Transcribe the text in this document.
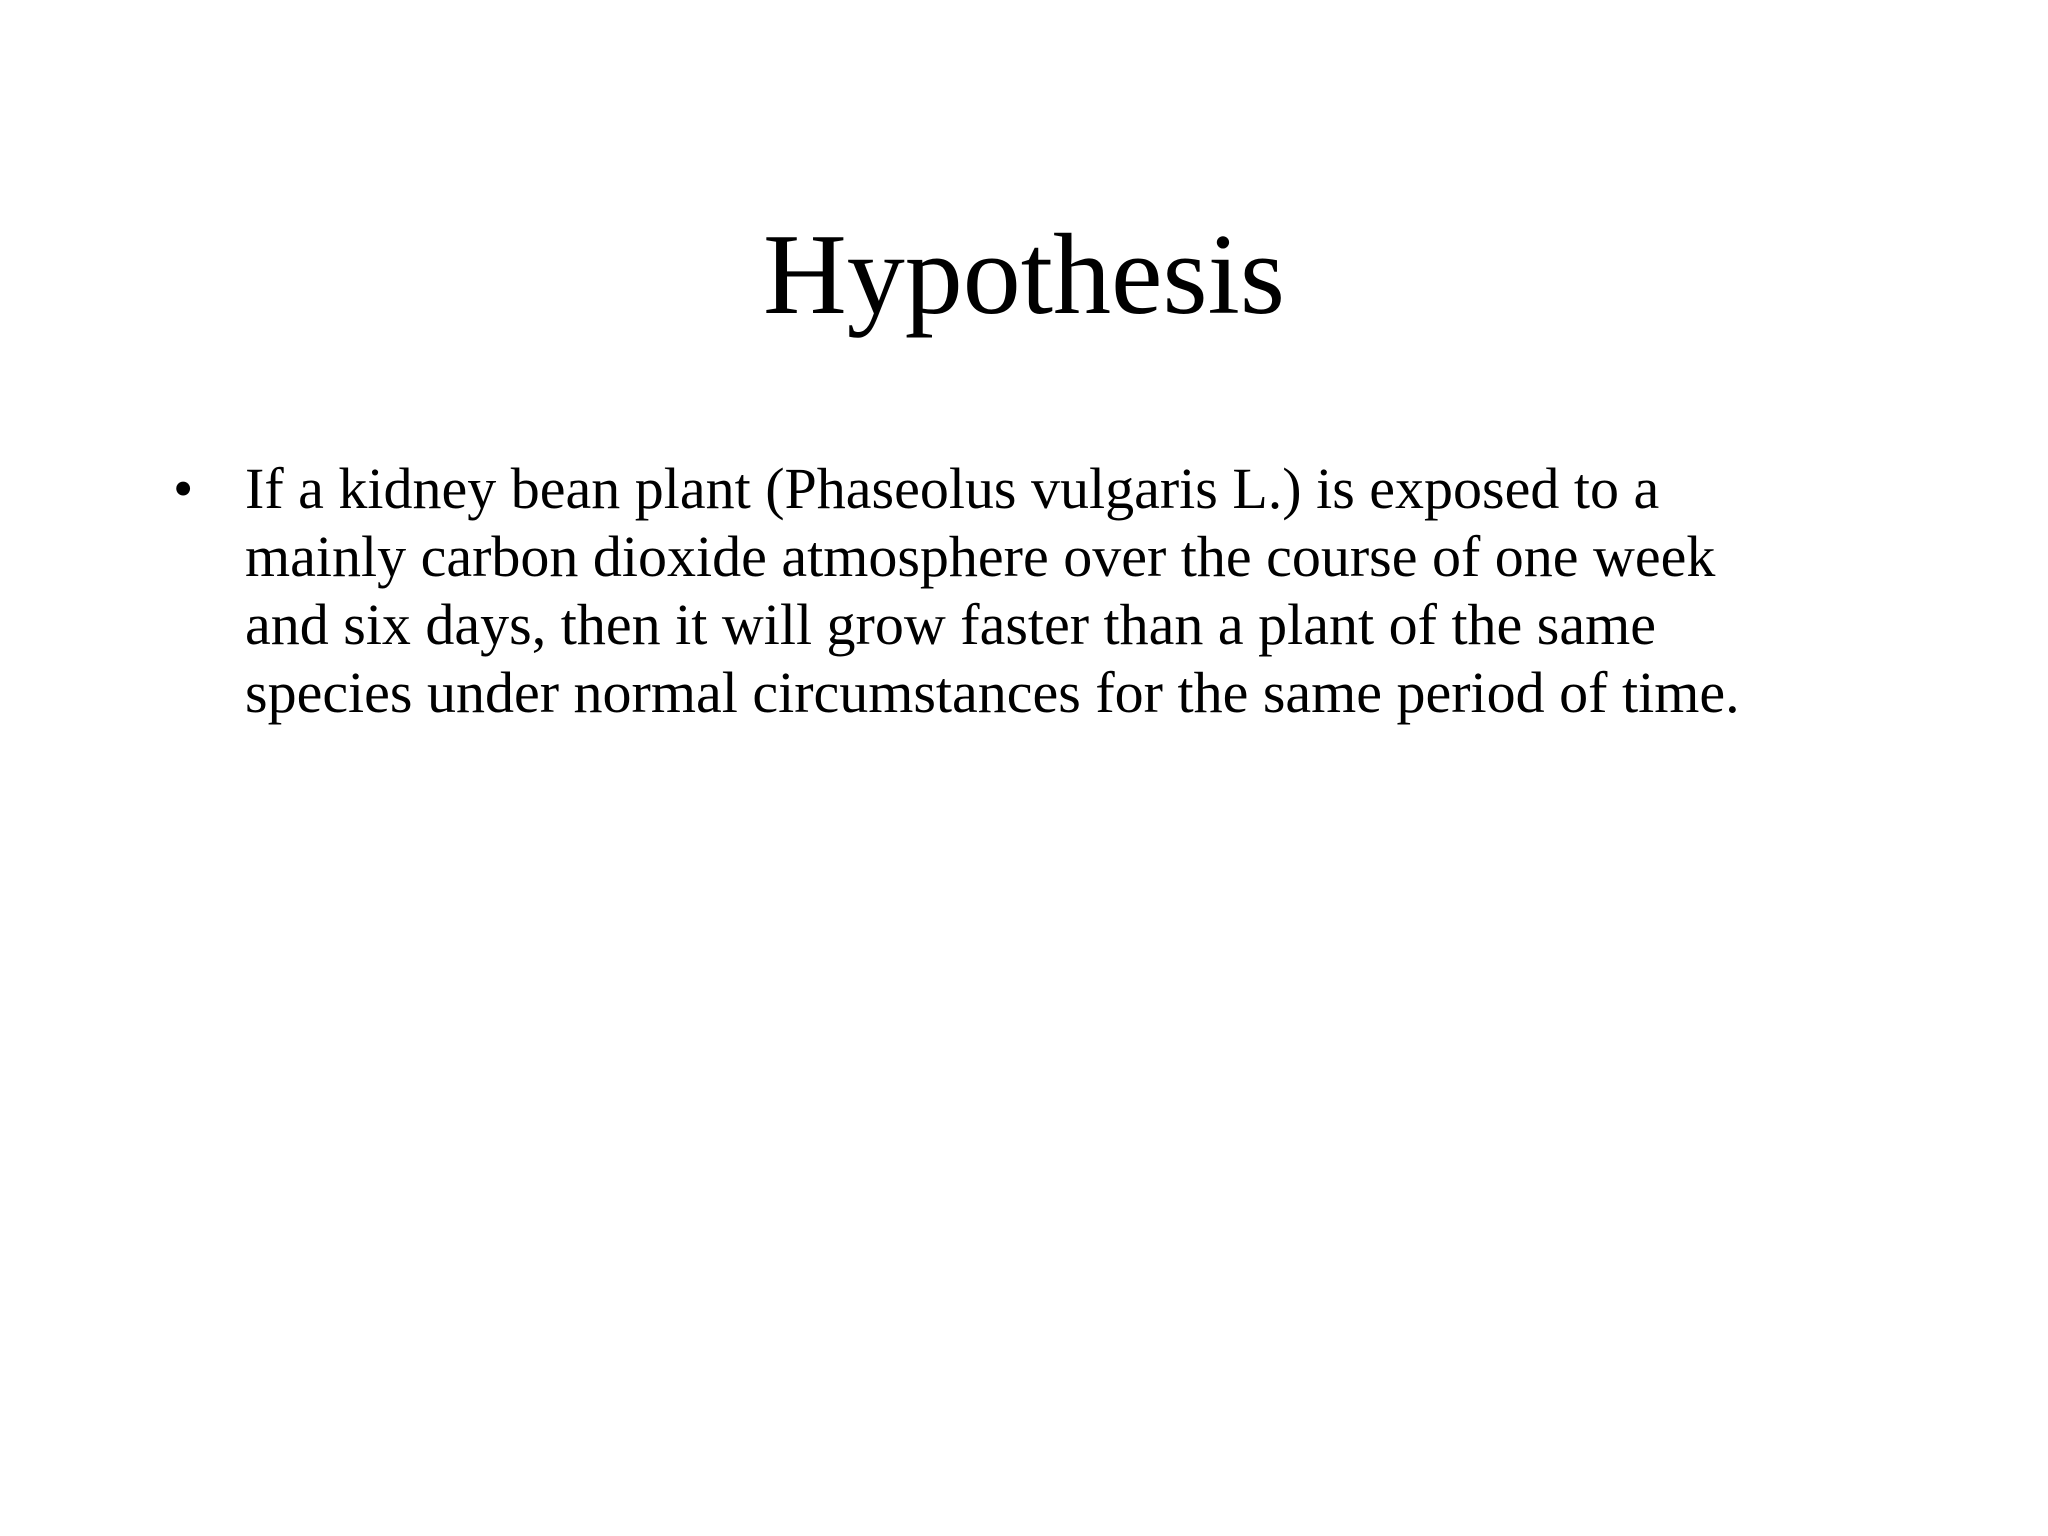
Hypothesis
• If a kidney bean plant (Phaseolus vulgaris L.) is exposed to a
mainly carbon dioxide atmosphere over the course of one week
and six days, then it will grow faster than a plant of the same
species under normal circumstances for the same period of time.
